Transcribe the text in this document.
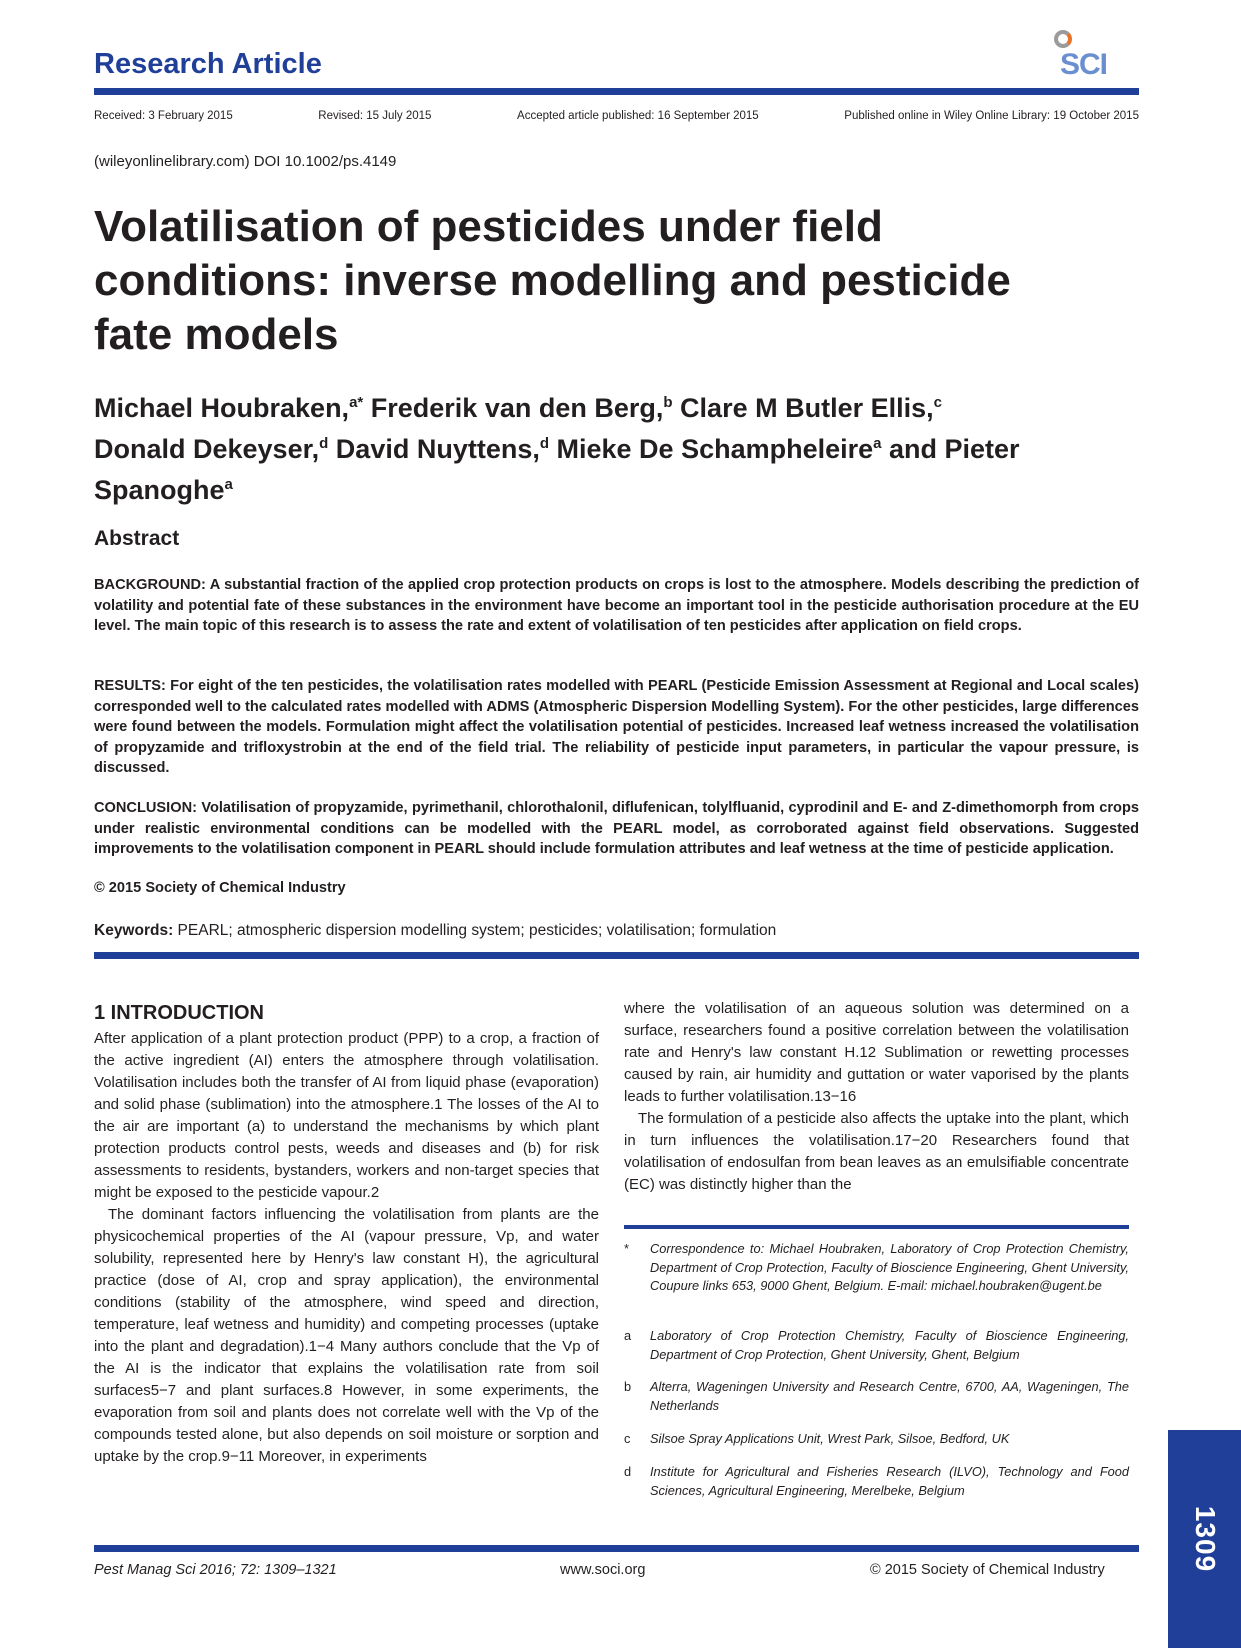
Research Article	SCI
Received: 3 February 2015	Revised: 15 July 2015	Accepted article published: 16 September 2015	Published online in Wiley Online Library: 19 October 2015
(wileyonlinelibrary.com) DOI 10.1002/ps.4149
Volatilisation of pesticides under field conditions: inverse modelling and pesticide fate models
Michael Houbraken,$^{a*}$ Frederik van den Berg,$^b$ Clare M Butler Ellis,$^c$
Donald Dekeyser,$^d$ David Nuyttens,$^d$ Mieke De Schampheleire$^a$ and Pieter Spanoghe$^a$
Abstract
BACKGROUND: A substantial fraction of the applied crop protection products on crops is lost to the atmosphere. Models describing the prediction of volatility and potential fate of these substances in the environment have become an important tool in the pesticide authorisation procedure at the EU level. The main topic of this research is to assess the rate and extent of volatilisation of ten pesticides after application on field crops.
RESULTS: For eight of the ten pesticides, the volatilisation rates modelled with PEARL (Pesticide Emission Assessment at Regional and Local scales) corresponded well to the calculated rates modelled with ADMS (Atmospheric Dispersion Modelling System). For the other pesticides, large differences were found between the models. Formulation might affect the volatilisation potential of pesticides. Increased leaf wetness increased the volatilisation of propyzamide and trifloxystrobin at the end of the field trial. The reliability of pesticide input parameters, in particular the vapour pressure, is discussed.
CONCLUSION: Volatilisation of propyzamide, pyrimethanil, chlorothalonil, diflufenican, tolylfluanid, cyprodinil and E- and Z-dimethomorph from crops under realistic environmental conditions can be modelled with the PEARL model, as corroborated against field observations. Suggested improvements to the volatilisation component in PEARL should include formulation attributes and leaf wetness at the time of pesticide application.
© 2015 Society of Chemical Industry
Keywords: PEARL; atmospheric dispersion modelling system; pesticides; volatilisation; formulation
1 INTRODUCTION

After application of a plant protection product (PPP) to a crop, a fraction of the active ingredient (AI) enters the atmosphere through volatilisation. Volatilisation includes both the transfer of AI from liquid phase (evaporation) and solid phase (sublimation) into the atmosphere.1 The losses of the AI to the air are important (a) to understand the mechanisms by which plant protection products control pests, weeds and diseases and (b) for risk assessments to residents, bystanders, workers and non-target species that might be exposed to the pesticide vapour.2

The dominant factors influencing the volatilisation from plants are the physicochemical properties of the AI (vapour pressure, Vp, and water solubility, represented here by Henry's law constant H), the agricultural practice (dose of AI, crop and spray application), the environmental conditions (stability of the atmosphere, wind speed and direction, temperature, leaf wetness and humidity) and competing processes (uptake into the plant and degradation).1−4 Many authors conclude that the Vp of the AI is the indicator that explains the volatilisation rate from soil surfaces5−7 and plant surfaces.8 However, in some experiments, the evaporation from soil and plants does not correlate well with the Vp of the compounds tested alone, but also depends on soil moisture or sorption and uptake by the crop.9−11 Moreover, in experiments

where the volatilisation of an aqueous solution was determined on a surface, researchers found a positive correlation between the volatilisation rate and Henry's law constant H.12 Sublimation or rewetting processes caused by rain, air humidity and guttation or water vaporised by the plants leads to further volatilisation.13−16

The formulation of a pesticide also affects the uptake into the plant, which in turn influences the volatilisation.17−20 Researchers found that volatilisation of endosulfan from bean leaves as an emulsifiable concentrate (EC) was distinctly higher than the

*	Correspondence to: Michael Houbraken, Laboratory of Crop Protection Chemistry, Department of Crop Protection, Faculty of Bioscience Engineering, Ghent University, Coupure links 653, 9000 Ghent, Belgium. E-mail: michael.houbraken@ugent.be
a	Laboratory of Crop Protection Chemistry, Faculty of Bioscience Engineering, Department of Crop Protection, Ghent University, Ghent, Belgium
b	Alterra, Wageningen University and Research Centre, 6700, AA, Wageningen, The Netherlands
c	Silsoe Spray Applications Unit, Wrest Park, Silsoe, Bedford, UK
d	Institute for Agricultural and Fisheries Research (ILVO), Technology and Food Sciences, Agricultural Engineering, Merelbeke, Belgium
Pest Manag Sci 2016; 72: 1309–1321	www.soci.org	© 2015 Society of Chemical Industry	1309
